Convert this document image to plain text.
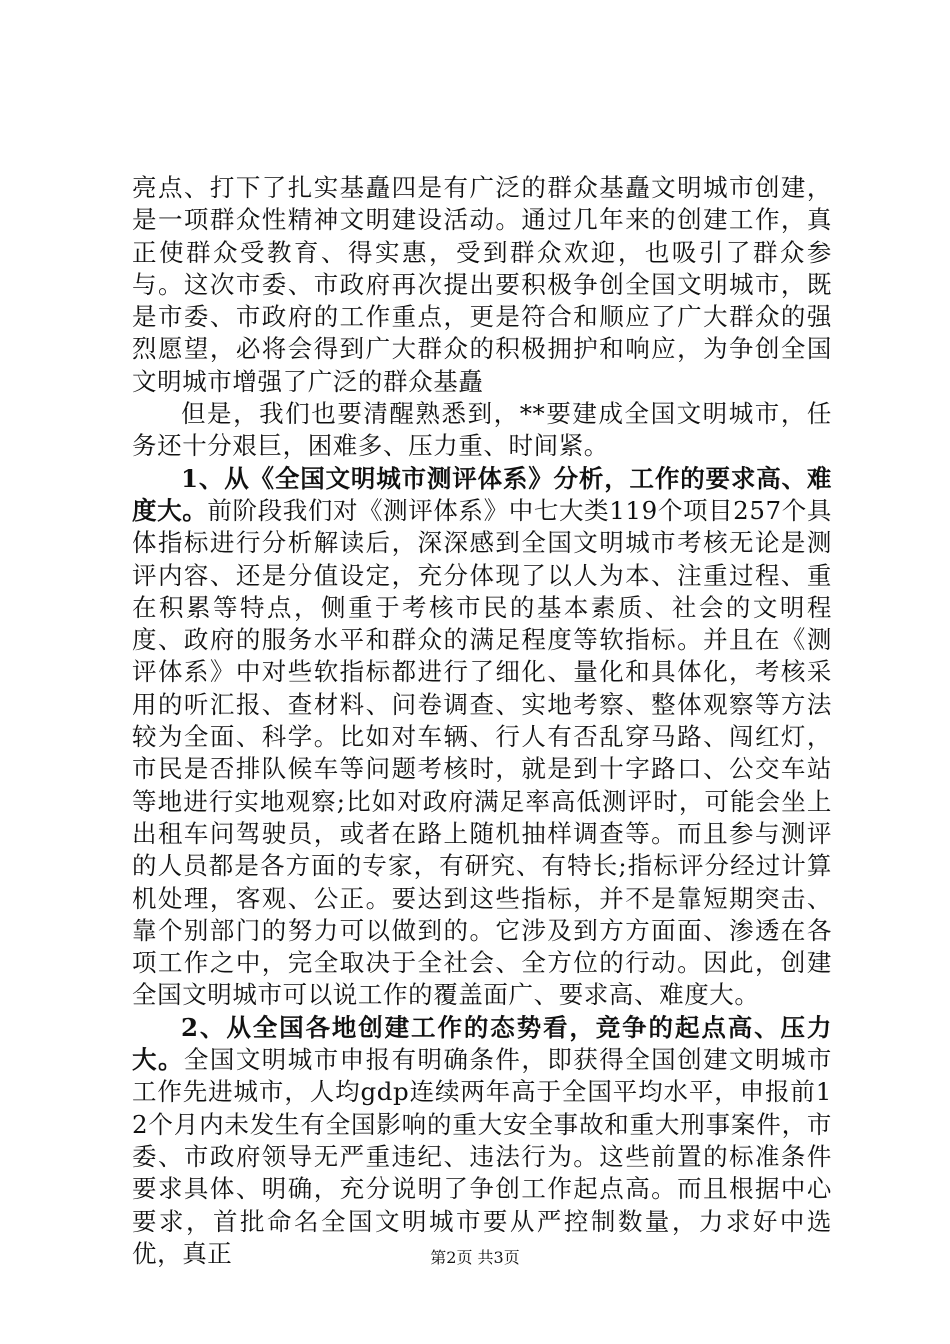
亮点、打下了扎实基矗四是有广泛的群众基矗文明城市创建，是一项群众性精神文明建设活动。通过几年来的创建工作，真正使群众受教育、得实惠，受到群众欢迎，也吸引了群众参与。这次市委、市政府再次提出要积极争创全国文明城市，既是市委、市政府的工作重点，更是符合和顺应了广大群众的强烈愿望，必将会得到广大群众的积极拥护和响应，为争创全国文明城市增强了广泛的群众基矗

但是，我们也要清醒熟悉到，**要建成全国文明城市，任务还十分艰巨，困难多、压力重、时间紧。

1、从《全国文明城市测评体系》分析，工作的要求高、难度大。前阶段我们对《测评体系》中七大类119个项目257个具体指标进行分析解读后，深深感到全国文明城市考核无论是测评内容、还是分值设定，充分体现了以人为本、注重过程、重在积累等特点，侧重于考核市民的基本素质、社会的文明程度、政府的服务水平和群众的满足程度等软指标。并且在《测评体系》中对些软指标都进行了细化、量化和具体化，考核采用的听汇报、查材料、问卷调查、实地考察、整体观察等方法较为全面、科学。比如对车辆、行人有否乱穿马路、闯红灯，市民是否排队候车等问题考核时，就是到十字路口、公交车站等地进行实地观察;比如对政府满足率高低测评时，可能会坐上出租车问驾驶员，或者在路上随机抽样调查等。而且参与测评的人员都是各方面的专家，有研究、有特长;指标评分经过计算机处理，客观、公正。要达到这些指标，并不是靠短期突击、靠个别部门的努力可以做到的。它涉及到方方面面、渗透在各项工作之中，完全取决于全社会、全方位的行动。因此，创建全国文明城市可以说工作的覆盖面广、要求高、难度大。

2、从全国各地创建工作的态势看，竞争的起点高、压力大。全国文明城市申报有明确条件，即获得全国创建文明城市工作先进城市，人均gdp连续两年高于全国平均水平，申报前12个月内未发生有全国影响的重大安全事故和重大刑事案件，市委、市政府领导无严重违纪、违法行为。这些前置的标准条件要求具体、明确，充分说明了争创工作起点高。而且根据中心要求，首批命名全国文明城市要从严控制数量，力求好中选优，真正	第2页 共3页
